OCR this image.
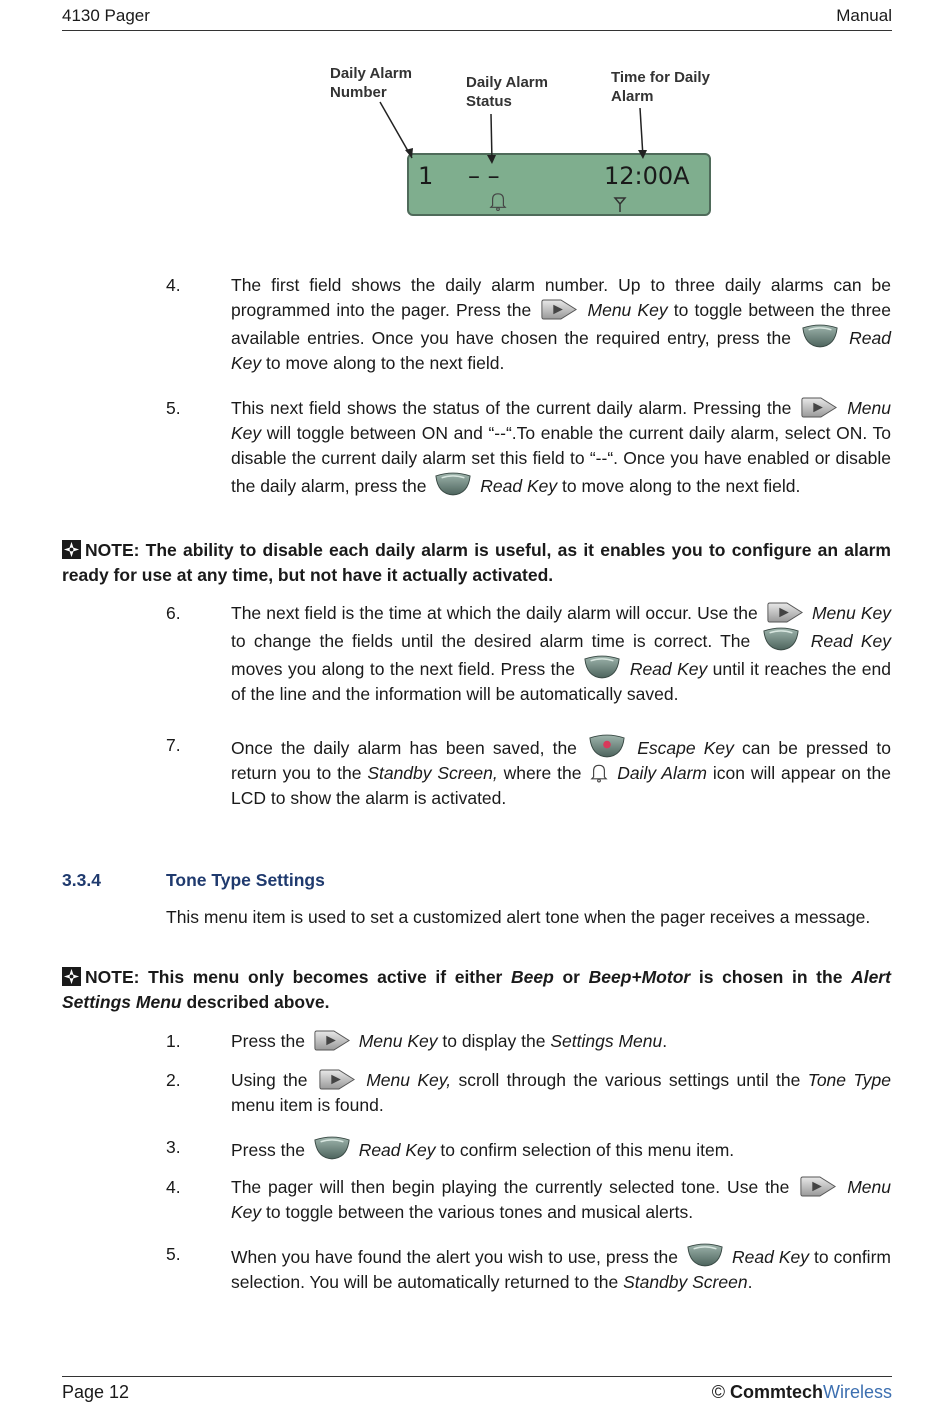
4130 Pager	Manual
Daily Alarm
Number
Daily Alarm
Status
Time for Daily
Alarm
1 – –	12:00A
4.	The first field shows the daily alarm number. Up to three daily alarms can be programmed into the pager. Press the	Menu Key to toggle between the three available entries. Once you have chosen the required entry, press the	Read Key to move along to the next field.
5.	This next field shows the status of the current daily alarm. Pressing the	Menu Key will toggle between ON and “--“.To enable the current daily alarm, select ON. To disable the current daily alarm set this field to “--“. Once you have enabled or disable the daily alarm, press the	Read Key to move along to the next field.
NOTE: The ability to disable each daily alarm is useful, as it enables you to configure an alarm ready for use at any time, but not have it actually activated.
6.	The next field is the time at which the daily alarm will occur. Use the	Menu Key to change the fields until the desired alarm time is correct. The	Read Key moves you along to the next field. Press the	Read Key until it reaches the end of the line and the information will be automatically saved.
7.	Once the daily alarm has been saved, the	Escape Key can be pressed to return you to the Standby Screen, where the Daily Alarm icon will appear on the LCD to show the alarm is activated.
3.3.4	Tone Type Settings
This menu item is used to set a customized alert tone when the pager receives a message.
NOTE: This menu only becomes active if either Beep or Beep+Motor is chosen in the Alert Settings Menu described above.
1.	Press the	Menu Key to display the Settings Menu.
2.	Using the	Menu Key, scroll through the various settings until the Tone Type menu item is found.
3.	Press the	Read Key to confirm selection of this menu item.
4.	The pager will then begin playing the currently selected tone. Use the	Menu Key to toggle between the various tones and musical alerts.
5.	When you have found the alert you wish to use, press the	Read Key to confirm selection. You will be automatically returned to the Standby Screen.
Page 12	© CommtechWireless
